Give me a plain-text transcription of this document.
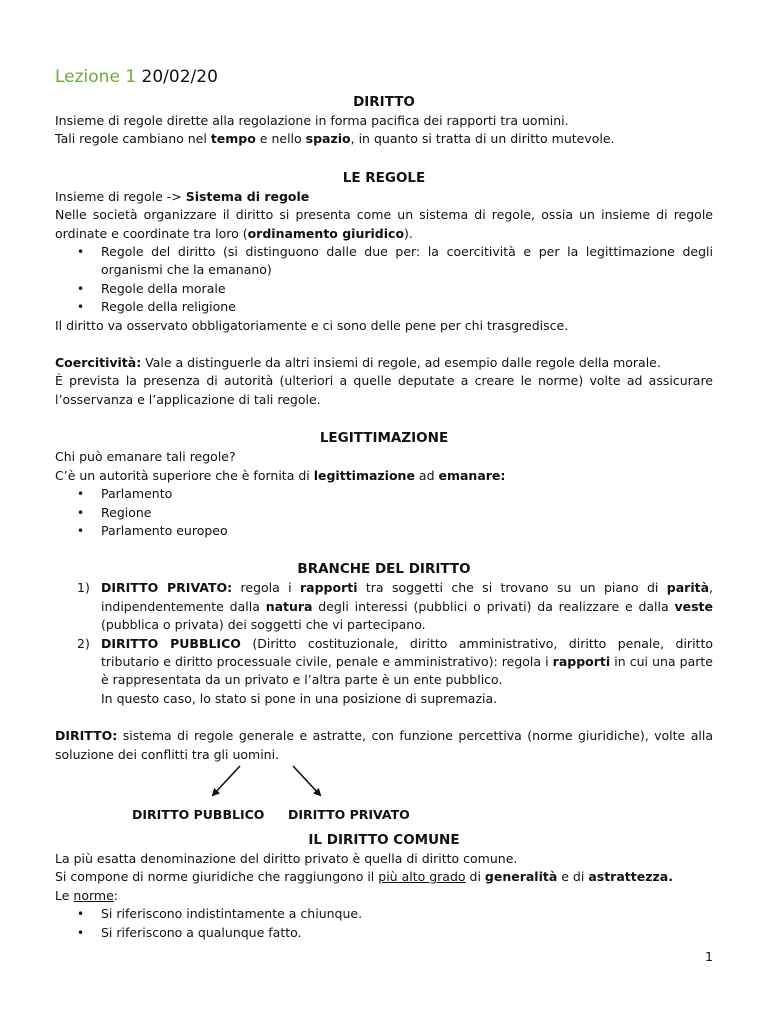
Lezione 1 20/02/20

DIRITTO

Insieme di regole dirette alla regolazione in forma pacifica dei rapporti tra uomini.

Tali regole cambiano nel tempo e nello spazio, in quanto si tratta di un diritto mutevole.

LE REGOLE

Insieme di regole -> Sistema di regole

Nelle società organizzare il diritto si presenta come un sistema di regole, ossia un insieme di regole ordinate e coordinate tra loro (ordinamento giuridico).

• Regole del diritto (si distinguono dalle due per: la coercitività e per la legittimazione degli organismi che la emanano)
• Regole della morale
• Regole della religione

Il diritto va osservato obbligatoriamente e ci sono delle pene per chi trasgredisce.

Coercitività: Vale a distinguerle da altri insiemi di regole, ad esempio dalle regole della morale.

È prevista la presenza di autorità (ulteriori a quelle deputate a creare le norme) volte ad assicurare l’osservanza e l’applicazione di tali regole.

LEGITTIMAZIONE

Chi può emanare tali regole?

C’è un autorità superiore che è fornita di legittimazione ad emanare:

• Parlamento
• Regione
• Parlamento europeo
BRANCHE DEL DIRITTO
1) DIRITTO PRIVATO: regola i rapporti tra soggetti che si trovano su un piano di parità, indipendentemente dalla natura degli interessi (pubblici o privati) da realizzare e dalla veste (pubblica o privata) dei soggetti che vi partecipano.
2) DIRITTO PUBBLICO (Diritto costituzionale, diritto amministrativo, diritto penale, diritto tributario e diritto processuale civile, penale e amministrativo): regola i rapporti in cui una parte è rappresentata da un privato e l’altra parte è un ente pubblico.
In questo caso, lo stato si pone in una posizione di supremazia.

DIRITTO: sistema di regole generale e astratte, con funzione percettiva (norme giuridiche), volte alla soluzione dei conflitti tra gli uomini.

DIRITTO PUBBLICO DIRITTO PRIVATO
IL DIRITTO COMUNE

La più esatta denominazione del diritto privato è quella di diritto comune.

Si compone di norme giuridiche che raggiungono il più alto grado di generalità e di astrattezza.

Le norme:

• Si riferiscono indistintamente a chiunque.
• Si riferiscono a qualunque fatto.
1
